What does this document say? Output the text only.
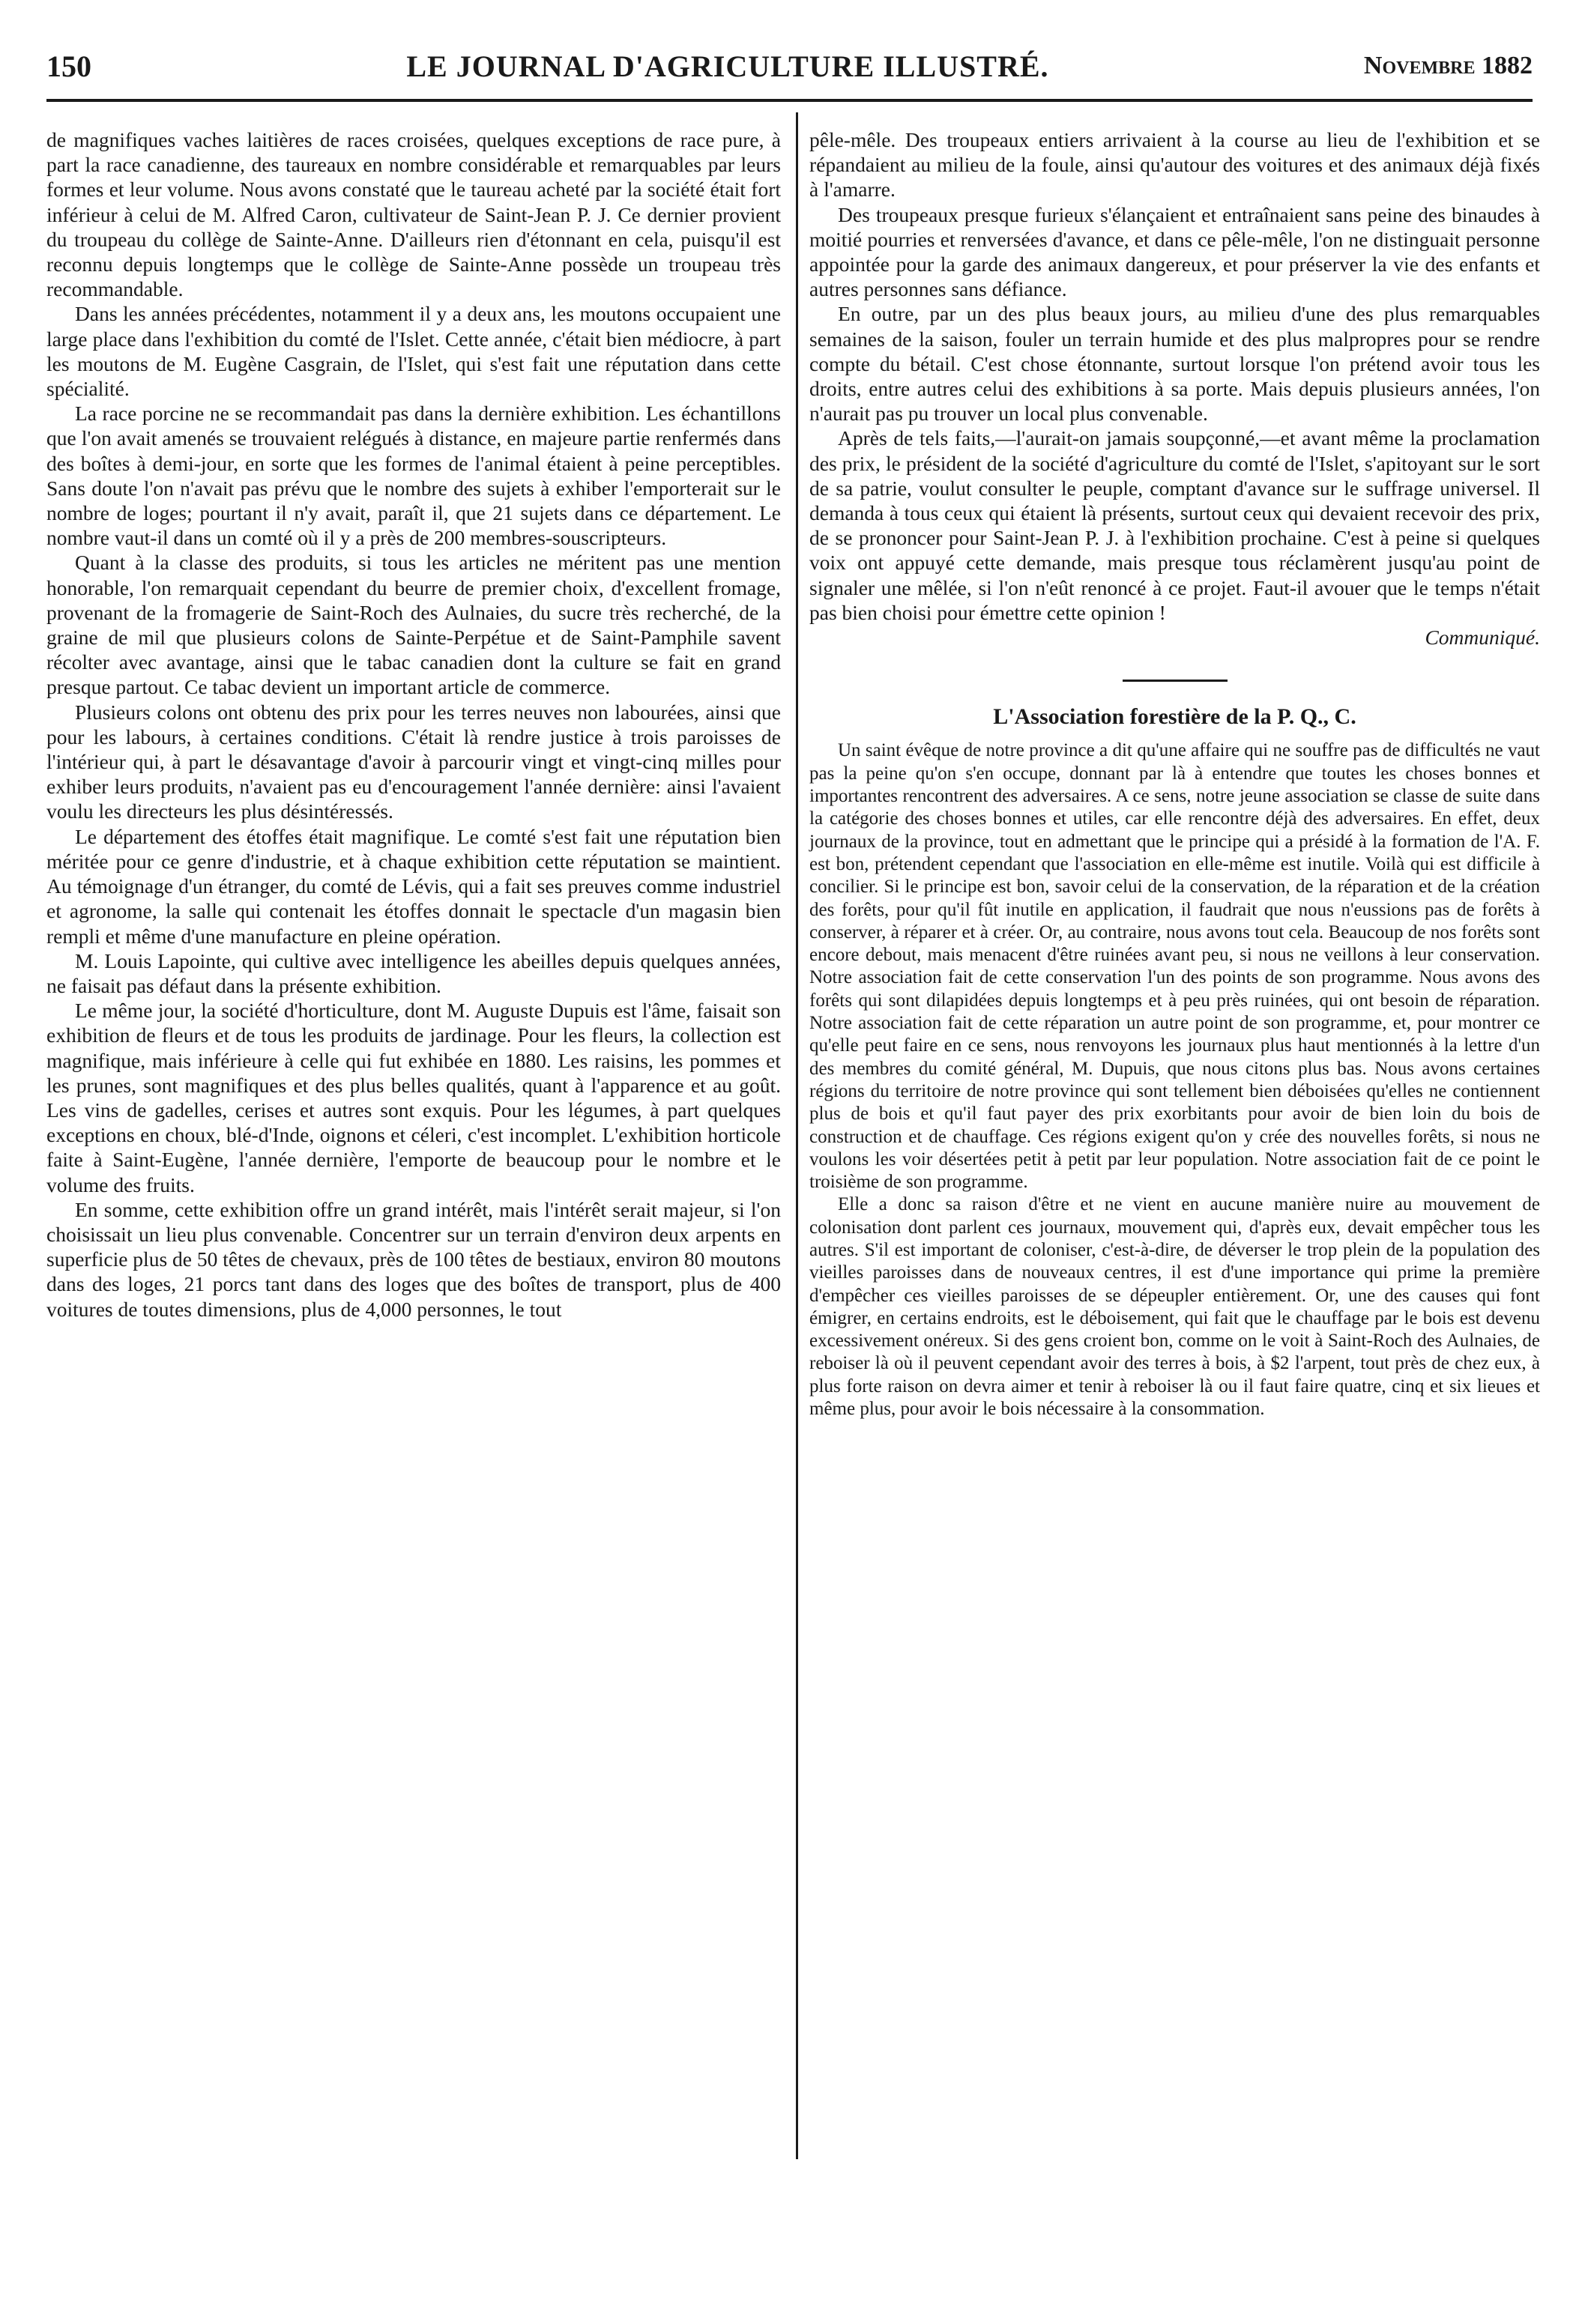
150	LE JOURNAL D'AGRICULTURE ILLUSTRÉ.	Novembre 1882

de magnifiques vaches laitières de races croisées, quelques exceptions de race pure, à part la race canadienne, des taureaux en nombre considérable et remarquables par leurs formes et leur volume. Nous avons constaté que le taureau acheté par la société était fort inférieur à celui de M. Alfred Caron, cultivateur de Saint-Jean P. J. Ce dernier provient du troupeau du collège de Sainte-Anne. D'ailleurs rien d'étonnant en cela, puisqu'il est reconnu depuis longtemps que le collège de Sainte-Anne possède un troupeau très recommandable.

Dans les années précédentes, notamment il y a deux ans, les moutons occupaient une large place dans l'exhibition du comté de l'Islet. Cette année, c'était bien médiocre, à part les moutons de M. Eugène Casgrain, de l'Islet, qui s'est fait une réputation dans cette spécialité.

La race porcine ne se recommandait pas dans la dernière exhibition. Les échantillons que l'on avait amenés se trouvaient relégués à distance, en majeure partie renfermés dans des boîtes à demi-jour, en sorte que les formes de l'animal étaient à peine perceptibles. Sans doute l'on n'avait pas prévu que le nombre des sujets à exhiber l'emporterait sur le nombre de loges; pourtant il n'y avait, paraît il, que 21 sujets dans ce département. Le nombre vaut-il dans un comté où il y a près de 200 membres-souscripteurs.

Quant à la classe des produits, si tous les articles ne méritent pas une mention honorable, l'on remarquait cependant du beurre de premier choix, d'excellent fromage, provenant de la fromagerie de Saint-Roch des Aulnaies, du sucre très recherché, de la graine de mil que plusieurs colons de Sainte-Perpétue et de Saint-Pamphile savent récolter avec avantage, ainsi que le tabac canadien dont la culture se fait en grand presque partout. Ce tabac devient un important article de commerce.

Plusieurs colons ont obtenu des prix pour les terres neuves non labourées, ainsi que pour les labours, à certaines conditions. C'était là rendre justice à trois paroisses de l'intérieur qui, à part le désavantage d'avoir à parcourir vingt et vingt-cinq milles pour exhiber leurs produits, n'avaient pas eu d'encouragement l'année dernière: ainsi l'avaient voulu les directeurs les plus désintéressés.

Le département des étoffes était magnifique. Le comté s'est fait une réputation bien méritée pour ce genre d'industrie, et à chaque exhibition cette réputation se maintient. Au témoignage d'un étranger, du comté de Lévis, qui a fait ses preuves comme industriel et agronome, la salle qui contenait les étoffes donnait le spectacle d'un magasin bien rempli et même d'une manufacture en pleine opération.

M. Louis Lapointe, qui cultive avec intelligence les abeilles depuis quelques années, ne faisait pas défaut dans la présente exhibition.

Le même jour, la société d'horticulture, dont M. Auguste Dupuis est l'âme, faisait son exhibition de fleurs et de tous les produits de jardinage. Pour les fleurs, la collection est magnifique, mais inférieure à celle qui fut exhibée en 1880. Les raisins, les pommes et les prunes, sont magnifiques et des plus belles qualités, quant à l'apparence et au goût. Les vins de gadelles, cerises et autres sont exquis. Pour les légumes, à part quelques exceptions en choux, blé-d'Inde, oignons et céleri, c'est incomplet. L'exhibition horticole faite à Saint-Eugène, l'année dernière, l'emporte de beaucoup pour le nombre et le volume des fruits.

En somme, cette exhibition offre un grand intérêt, mais l'intérêt serait majeur, si l'on choisissait un lieu plus convenable. Concentrer sur un terrain d'environ deux arpents en superficie plus de 50 têtes de chevaux, près de 100 têtes de bestiaux, environ 80 moutons dans des loges, 21 porcs tant dans des loges que des boîtes de transport, plus de 400 voitures de toutes dimensions, plus de 4,000 personnes, le tout

pêle-mêle. Des troupeaux entiers arrivaient à la course au lieu de l'exhibition et se répandaient au milieu de la foule, ainsi qu'autour des voitures et des animaux déjà fixés à l'amarre.

Des troupeaux presque furieux s'élançaient et entraînaient sans peine des binaudes à moitié pourries et renversées d'avance, et dans ce pêle-mêle, l'on ne distinguait personne appointée pour la garde des animaux dangereux, et pour préserver la vie des enfants et autres personnes sans défiance.

En outre, par un des plus beaux jours, au milieu d'une des plus remarquables semaines de la saison, fouler un terrain humide et des plus malpropres pour se rendre compte du bétail. C'est chose étonnante, surtout lorsque l'on prétend avoir tous les droits, entre autres celui des exhibitions à sa porte. Mais depuis plusieurs années, l'on n'aurait pas pu trouver un local plus convenable.

Après de tels faits,—l'aurait-on jamais soupçonné,—et avant même la proclamation des prix, le président de la société d'agriculture du comté de l'Islet, s'apitoyant sur le sort de sa patrie, voulut consulter le peuple, comptant d'avance sur le suffrage universel. Il demanda à tous ceux qui étaient là présents, surtout ceux qui devaient recevoir des prix, de se prononcer pour Saint-Jean P. J. à l'exhibition prochaine. C'est à peine si quelques voix ont appuyé cette demande, mais presque tous réclamèrent jusqu'au point de signaler une mêlée, si l'on n'eût renoncé à ce projet. Faut-il avouer que le temps n'était pas bien choisi pour émettre cette opinion !

Communiqué.

L'Association forestière de la P. Q., C.

Un saint évêque de notre province a dit qu'une affaire qui ne souffre pas de difficultés ne vaut pas la peine qu'on s'en occupe, donnant par là à entendre que toutes les choses bonnes et importantes rencontrent des adversaires. A ce sens, notre jeune association se classe de suite dans la catégorie des choses bonnes et utiles, car elle rencontre déjà des adversaires. En effet, deux journaux de la province, tout en admettant que le principe qui a présidé à la formation de l'A. F. est bon, prétendent cependant que l'association en elle-même est inutile. Voilà qui est difficile à concilier. Si le principe est bon, savoir celui de la conservation, de la réparation et de la création des forêts, pour qu'il fût inutile en application, il faudrait que nous n'eussions pas de forêts à conserver, à réparer et à créer. Or, au contraire, nous avons tout cela. Beaucoup de nos forêts sont encore debout, mais menacent d'être ruinées avant peu, si nous ne veillons à leur conservation. Notre association fait de cette conservation l'un des points de son programme. Nous avons des forêts qui sont dilapidées depuis longtemps et à peu près ruinées, qui ont besoin de réparation. Notre association fait de cette réparation un autre point de son programme, et, pour montrer ce qu'elle peut faire en ce sens, nous renvoyons les journaux plus haut mentionnés à la lettre d'un des membres du comité général, M. Dupuis, que nous citons plus bas. Nous avons certaines régions du territoire de notre province qui sont tellement bien déboisées qu'elles ne contiennent plus de bois et qu'il faut payer des prix exorbitants pour avoir de bien loin du bois de construction et de chauffage. Ces régions exigent qu'on y crée des nouvelles forêts, si nous ne voulons les voir désertées petit à petit par leur population. Notre association fait de ce point le troisième de son programme.

Elle a donc sa raison d'être et ne vient en aucune manière nuire au mouvement de colonisation dont parlent ces journaux, mouvement qui, d'après eux, devait empêcher tous les autres. S'il est important de coloniser, c'est-à-dire, de déverser le trop plein de la population des vieilles paroisses dans de nouveaux centres, il est d'une importance qui prime la première d'empêcher ces vieilles paroisses de se dépeupler entièrement. Or, une des causes qui font émigrer, en certains endroits, est le déboisement, qui fait que le chauffage par le bois est devenu excessivement onéreux. Si des gens croient bon, comme on le voit à Saint-Roch des Aulnaies, de reboiser là où il peuvent cependant avoir des terres à bois, à $2 l'arpent, tout près de chez eux, à plus forte raison on devra aimer et tenir à reboiser là ou il faut faire quatre, cinq et six lieues et même plus, pour avoir le bois nécessaire à la consommation.
